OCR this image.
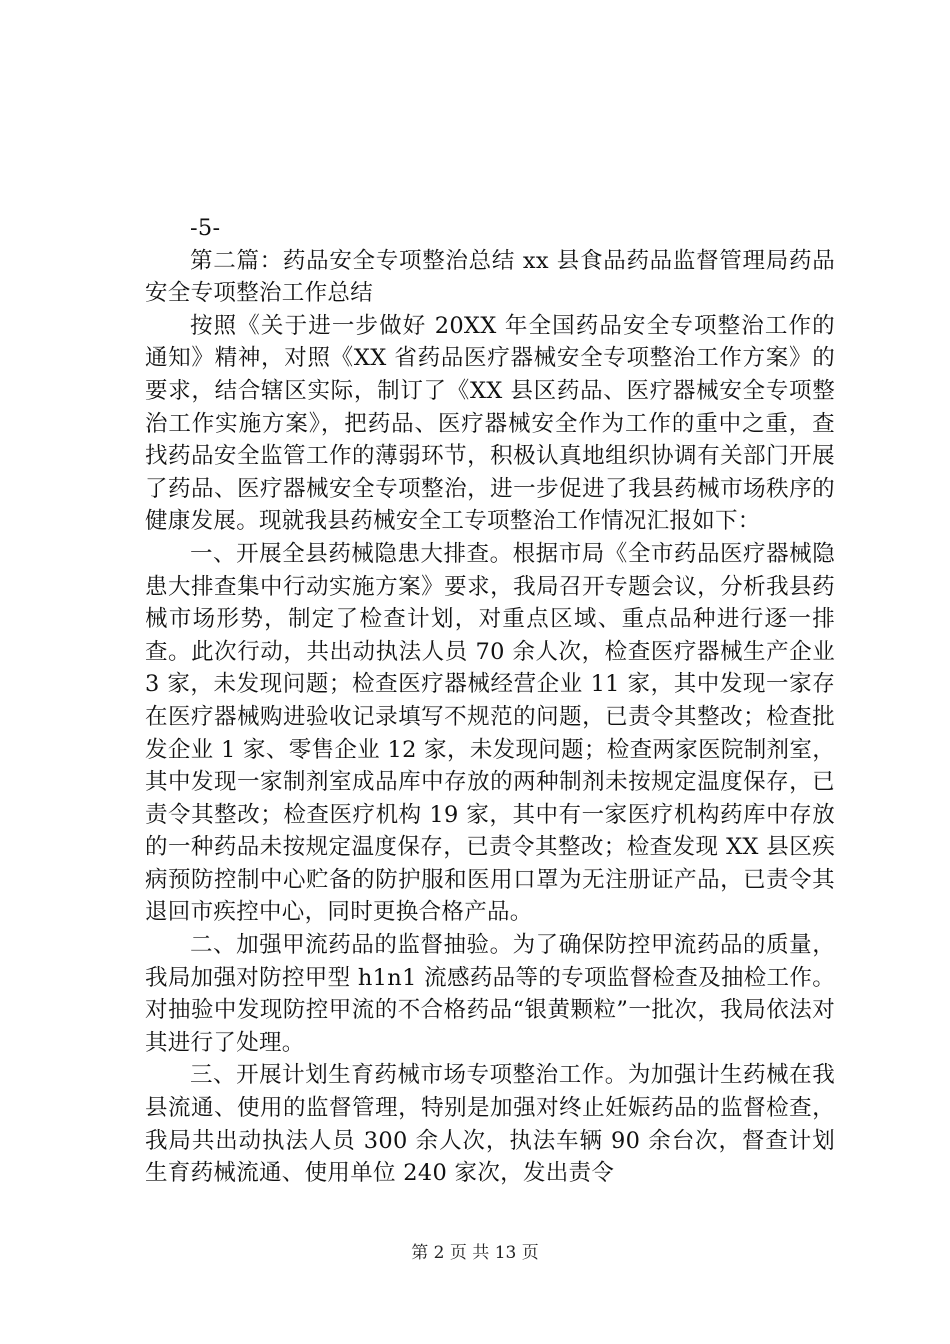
-5-

第二篇：药品安全专项整治总结 xx 县食品药品监督管理局药品安全专项整治工作总结

按照《关于进一步做好 20XX 年全国药品安全专项整治工作的通知》精神，对照《XX 省药品医疗器械安全专项整治工作方案》的要求，结合辖区实际，制订了《XX 县区药品、医疗器械安全专项整治工作实施方案》，把药品、医疗器械安全作为工作的重中之重，查找药品安全监管工作的薄弱环节，积极认真地组织协调有关部门开展了药品、医疗器械安全专项整治，进一步促进了我县药械市场秩序的健康发展。现就我县药械安全工专项整治工作情况汇报如下：

一、开展全县药械隐患大排查。根据市局《全市药品医疗器械隐患大排查集中行动实施方案》要求，我局召开专题会议，分析我县药械市场形势，制定了检查计划，对重点区域、重点品种进行逐一排查。此次行动，共出动执法人员 70 余人次，检查医疗器械生产企业 3 家，未发现问题；检查医疗器械经营企业 11 家，其中发现一家存在医疗器械购进验收记录填写不规范的问题，已责令其整改；检查批发企业 1 家、零售企业 12 家，未发现问题；检查两家医院制剂室，其中发现一家制剂室成品库中存放的两种制剂未按规定温度保存，已责令其整改；检查医疗机构 19 家，其中有一家医疗机构药库中存放的一种药品未按规定温度保存，已责令其整改；检查发现 XX 县区疾病预防控制中心贮备的防护服和医用口罩为无注册证产品，已责令其退回市疾控中心，同时更换合格产品。

二、加强甲流药品的监督抽验。为了确保防控甲流药品的质量，我局加强对防控甲型 h1n1 流感药品等的专项监督检查及抽检工作。对抽验中发现防控甲流的不合格药品“银黄颗粒”一批次，我局依法对其进行了处理。

三、开展计划生育药械市场专项整治工作。为加强计生药械在我县流通、使用的监督管理，特别是加强对终止妊娠药品的监督检查，我局共出动执法人员 300 余人次，执法车辆 90 余台次，督查计划生育药械流通、使用单位 240 家次，发出责令

第 2 页 共 13 页
